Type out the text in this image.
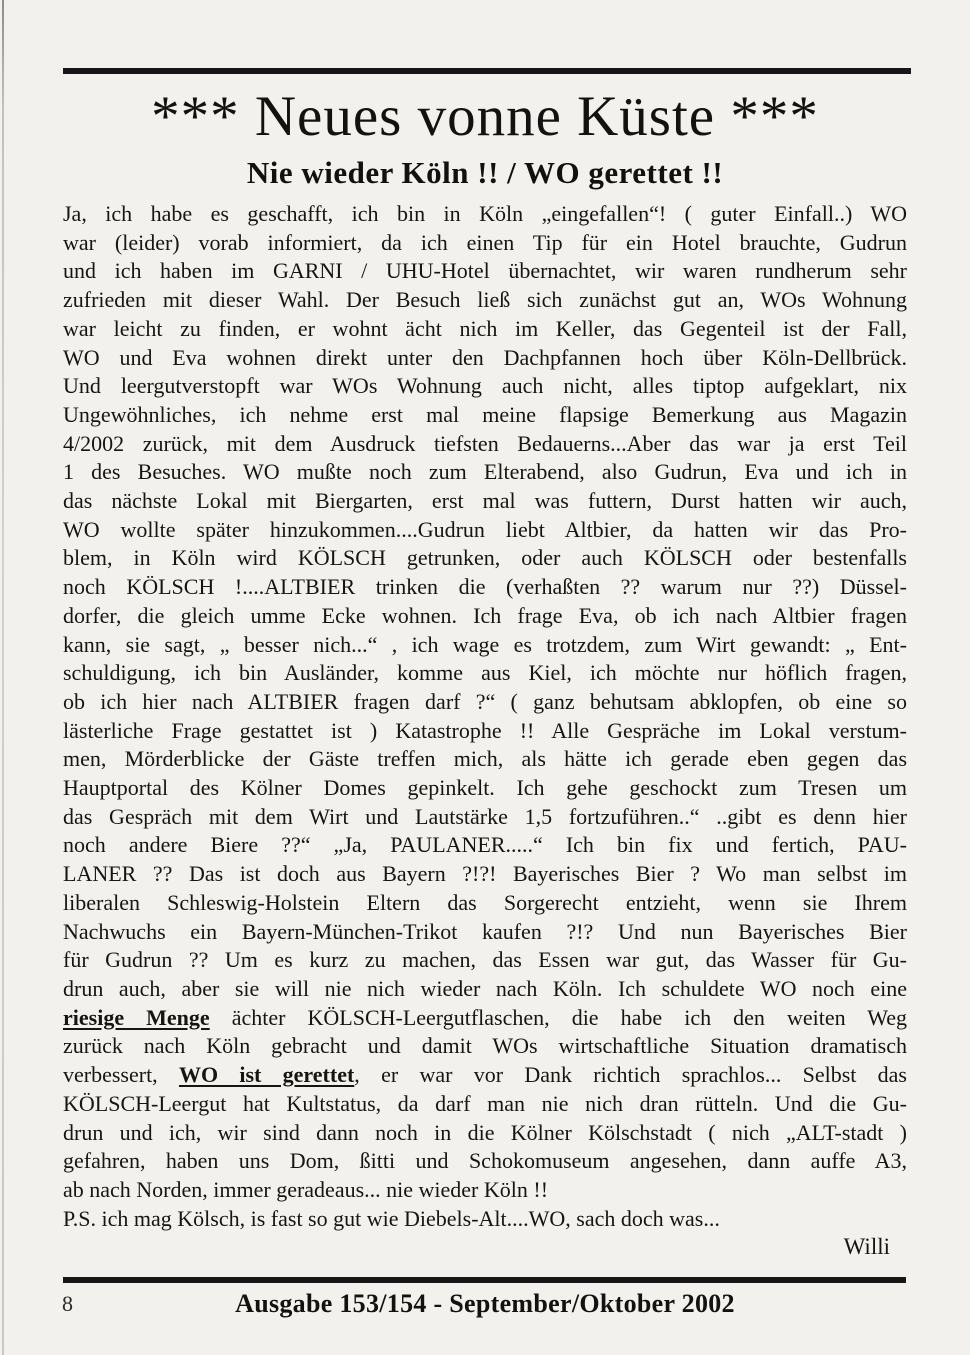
*** Neues vonne Küste ***
Nie wieder Köln !! / WO gerettet !!
Ja, ich habe es geschafft, ich bin in Köln „eingefallen“! ( guter Einfall..) WO
war (leider) vorab informiert, da ich einen Tip für ein Hotel brauchte, Gudrun
und ich haben im GARNI / UHU-Hotel übernachtet, wir waren rundherum sehr
zufrieden mit dieser Wahl. Der Besuch ließ sich zunächst gut an, WOs Wohnung
war leicht zu finden, er wohnt ächt nich im Keller, das Gegenteil ist der Fall,
WO und Eva wohnen direkt unter den Dachpfannen hoch über Köln-Dellbrück.
Und leergutverstopft war WOs Wohnung auch nicht, alles tiptop aufgeklart, nix
Ungewöhnliches, ich nehme erst mal meine flapsige Bemerkung aus Magazin
4/2002 zurück, mit dem Ausdruck tiefsten Bedauerns...Aber das war ja erst Teil
1 des Besuches. WO mußte noch zum Elterabend, also Gudrun, Eva und ich in
das nächste Lokal mit Biergarten, erst mal was futtern, Durst hatten wir auch,
WO wollte später hinzukommen....Gudrun liebt Altbier, da hatten wir das Pro-
blem, in Köln wird KÖLSCH getrunken, oder auch KÖLSCH oder bestenfalls
noch KÖLSCH !....ALTBIER trinken die (verhaßten ?? warum nur ??) Düssel-
dorfer, die gleich umme Ecke wohnen. Ich frage Eva, ob ich nach Altbier fragen
kann, sie sagt, „ besser nich...“ , ich wage es trotzdem, zum Wirt gewandt: „ Ent-
schuldigung, ich bin Ausländer, komme aus Kiel, ich möchte nur höflich fragen,
ob ich hier nach ALTBIER fragen darf ?“ ( ganz behutsam abklopfen, ob eine so
lästerliche Frage gestattet ist ) Katastrophe !! Alle Gespräche im Lokal verstum-
men, Mörderblicke der Gäste treffen mich, als hätte ich gerade eben gegen das
Hauptportal des Kölner Domes gepinkelt. Ich gehe geschockt zum Tresen um
das Gespräch mit dem Wirt und Lautstärke 1,5 fortzuführen..“ ..gibt es denn hier
noch andere Biere ??“ „Ja, PAULANER.....“ Ich bin fix und fertich, PAU-
LANER ?? Das ist doch aus Bayern ?!?! Bayerisches Bier ? Wo man selbst im
liberalen Schleswig-Holstein Eltern das Sorgerecht entzieht, wenn sie Ihrem
Nachwuchs ein Bayern-München-Trikot kaufen ?!? Und nun Bayerisches Bier
für Gudrun ?? Um es kurz zu machen, das Essen war gut, das Wasser für Gu-
drun auch, aber sie will nie nich wieder nach Köln. Ich schuldete WO noch eine
riesige Menge ächter KÖLSCH-Leergutflaschen, die habe ich den weiten Weg
zurück nach Köln gebracht und damit WOs wirtschaftliche Situation dramatisch
verbessert, WO ist gerettet, er war vor Dank richtich sprachlos... Selbst das
KÖLSCH-Leergut hat Kultstatus, da darf man nie nich dran rütteln. Und die Gu-
drun und ich, wir sind dann noch in die Kölner Kölschstadt ( nich „ALT-stadt )
gefahren, haben uns Dom, ßitti und Schokomuseum angesehen, dann auffe A3,
ab nach Norden, immer geradeaus... nie wieder Köln !!
P.S. ich mag Kölsch, is fast so gut wie Diebels-Alt....WO, sach doch was...
Willi
8	Ausgabe 153/154 - September/Oktober 2002
